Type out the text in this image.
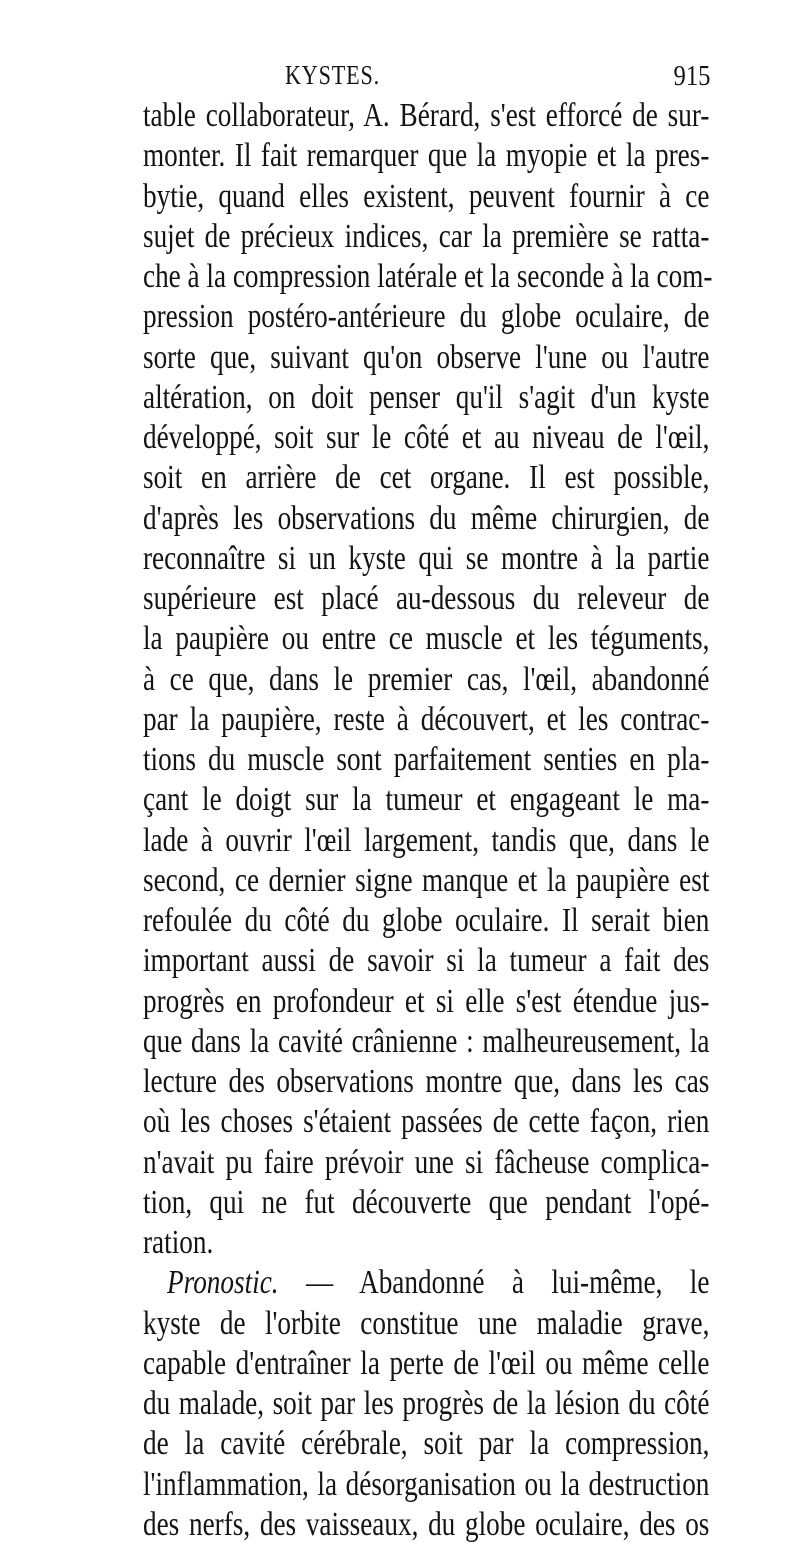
KYSTES.	915
table collaborateur, A. Bérard, s'est efforcé de sur-
monter. Il fait remarquer que la myopie et la pres-
bytie, quand elles existent, peuvent fournir à ce
sujet de précieux indices, car la première se ratta-
che à la compression latérale et la seconde à la com-
pression postéro-antérieure du globe oculaire, de
sorte que, suivant qu'on observe l'une ou l'autre
altération, on doit penser qu'il s'agit d'un kyste
développé, soit sur le côté et au niveau de l'œil,
soit en arrière de cet organe. Il est possible,
d'après les observations du même chirurgien, de
reconnaître si un kyste qui se montre à la partie
supérieure est placé au-dessous du releveur de
la paupière ou entre ce muscle et les téguments,
à ce que, dans le premier cas, l'œil, abandonné
par la paupière, reste à découvert, et les contrac-
tions du muscle sont parfaitement senties en pla-
çant le doigt sur la tumeur et engageant le ma-
lade à ouvrir l'œil largement, tandis que, dans le
second, ce dernier signe manque et la paupière est
refoulée du côté du globe oculaire. Il serait bien
important aussi de savoir si la tumeur a fait des
progrès en profondeur et si elle s'est étendue jus-
que dans la cavité crânienne : malheureusement, la
lecture des observations montre que, dans les cas
où les choses s'étaient passées de cette façon, rien
n'avait pu faire prévoir une si fâcheuse complica-
tion, qui ne fut découverte que pendant l'opé-
ration.
Pronostic. — Abandonné à lui-même, le
kyste de l'orbite constitue une maladie grave,
capable d'entraîner la perte de l'œil ou même celle
du malade, soit par les progrès de la lésion du côté
de la cavité cérébrale, soit par la compression,
l'inflammation, la désorganisation ou la destruction
des nerfs, des vaisseaux, du globe oculaire, des os
